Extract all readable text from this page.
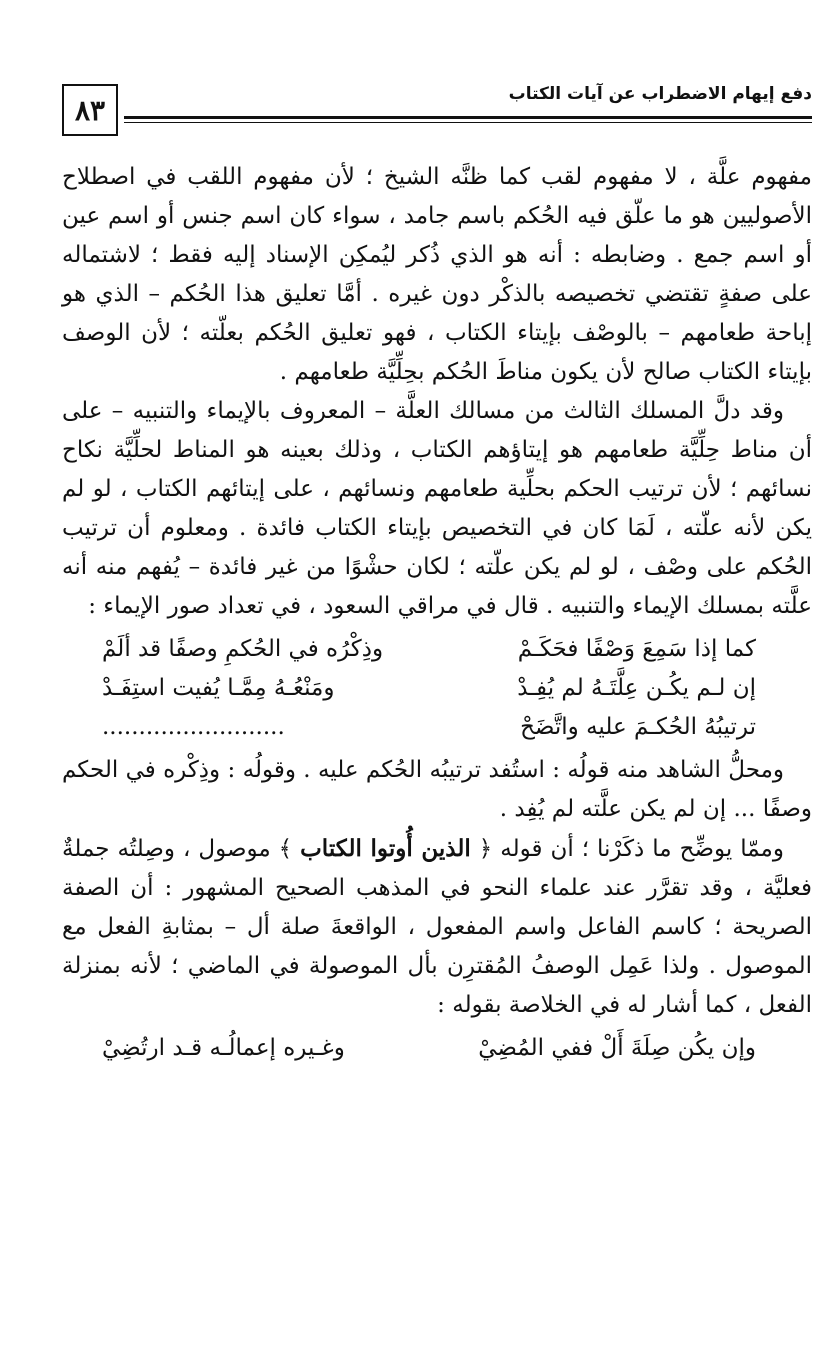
٨٣	دفع إيهام الاضطراب عن آيات الكتاب

مفهوم علَّة ، لا مفهوم لقب كما ظنَّه الشيخ ؛ لأن مفهوم اللقب في اصطلاح الأصوليين هو ما علّق فيه الحُكم باسم جامد ، سواء كان اسم جنس أو اسم عين أو اسم جمع . وضابطه : أنه هو الذي ذُكر ليُمكِن الإسناد إليه فقط ؛ لاشتماله على صفةٍ تقتضي تخصيصه بالذكْر دون غيره . أمَّا تعليق هذا الحُكم – الذي هو إباحة طعامهم – بالوصْف بإيتاء الكتاب ، فهو تعليق الحُكم بعلّته ؛ لأن الوصف بإيتاء الكتاب صالح لأن يكون مناطَ الحُكم بحِلِّيَّة طعامهم .

وقد دلَّ المسلك الثالث من مسالك العلَّة – المعروف بالإيماء والتنبيه – على أن مناط حِلِّيَّة طعامهم هو إيتاؤهم الكتاب ، وذلك بعينه هو المناط لحلِّيَّة نكاح نسائهم ؛ لأن ترتيب الحكم بحلِّية طعامهم ونسائهم ، على إيتائهم الكتاب ، لو لم يكن لأنه علّته ، لَمَا كان في التخصيص بإيتاء الكتاب فائدة . ومعلوم أن ترتيب الحُكم على وصْف ، لو لم يكن علّته ؛ لكان حشْوًا من غير فائدة – يُفهم منه أنه علَّته بمسلك الإيماء والتنبيه . قال في مراقي السعود ، في تعداد صور الإيماء :

كما إذا سَمِعَ وَصْفًا فحَكَـمْ
وذِكْرُه في الحُكمِ وصفًا قد ألَمْ
إن لـم يكُـن عِلَّتَـهُ لم يُفِـدْ
ومَنْعُـهُ مِمَّـا يُفيت استِفَـدْ
ترتيبُهُ الحُكـمَ عليه واتَّضَحْ
.........................

ومحلُّ الشاهد منه قولُه : استُفد ترتيبُه الحُكم عليه . وقولُه : وذِكْره في الحكم وصفًا ... إن لم يكن علَّته لم يُفِد .

وممّا يوضِّح ما ذكَرْنا ؛ أن قوله ﴿ الذين أُوتوا الكتاب ﴾ موصول ، وصِلتُه جملةٌ فعليَّة ، وقد تقرَّر عند علماء النحو في المذهب الصحيح المشهور : أن الصفة الصريحة ؛ كاسم الفاعل واسم المفعول ، الواقعةَ صلة أل – بمثابةِ الفعل مع الموصول . ولذا عَمِل الوصفُ المُقترِن بأل الموصولة في الماضي ؛ لأنه بمنزلة الفعل ، كما أشار له في الخلاصة بقوله :

وإن يكُن صِلَةَ أَلْ ففي المُضِيْ
وغـيره إعمالُـه قـد ارتُضِيْ
